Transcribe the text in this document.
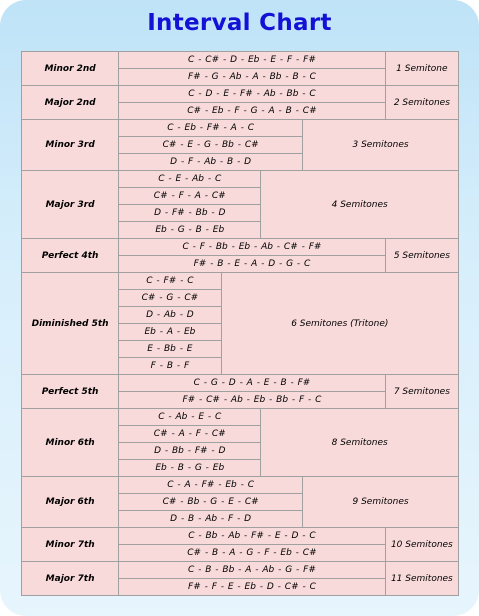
Interval Chart
Minor 2nd	C - C# - D - Eb - E - F - F#				1 Semitone
	F# - G - Ab - A - Bb - B - C				
Major 2nd	C - D - E - F# - Ab - Bb - C				2 Semitones
	C# - Eb - F - G - A - B - C#				
Minor 3rd	C - Eb - F# - A - C			3 Semitones	
	C# - E - G - Bb - C#				
	D - F - Ab - B - D				
Major 3rd	C - E - Ab - C		4 Semitones		
	C# - F - A - C#				
	D - F# - Bb - D				
	Eb - G - B - Eb				
Perfect 4th	C - F - Bb - Eb - Ab - C# - F#				5 Semitones
	F# - B - E - A - D - G - C				
Diminished 5th	C - F# - C	6 Semitones (Tritone)			
	C# - G - C#				
	D - Ab - D				
	Eb - A - Eb				
	E - Bb - E				
	F - B - F				
Perfect 5th	C - G - D - A - E - B - F#				7 Semitones
	F# - C# - Ab - Eb - Bb - F - C				
Minor 6th	C - Ab - E - C		8 Semitones		
	C# - A - F - C#				
	D - Bb - F# - D				
	Eb - B - G - Eb				
Major 6th	C - A - F# - Eb - C			9 Semitones	
	C# - Bb - G - E - C#				
	D - B - Ab - F - D				
Minor 7th	C - Bb - Ab - F# - E - D - C				10 Semitones
	C# - B - A - G - F - Eb - C#				
Major 7th	C - B - Bb - A - Ab - G - F#				11 Semitones
	F# - F - E - Eb - D - C# - C				
